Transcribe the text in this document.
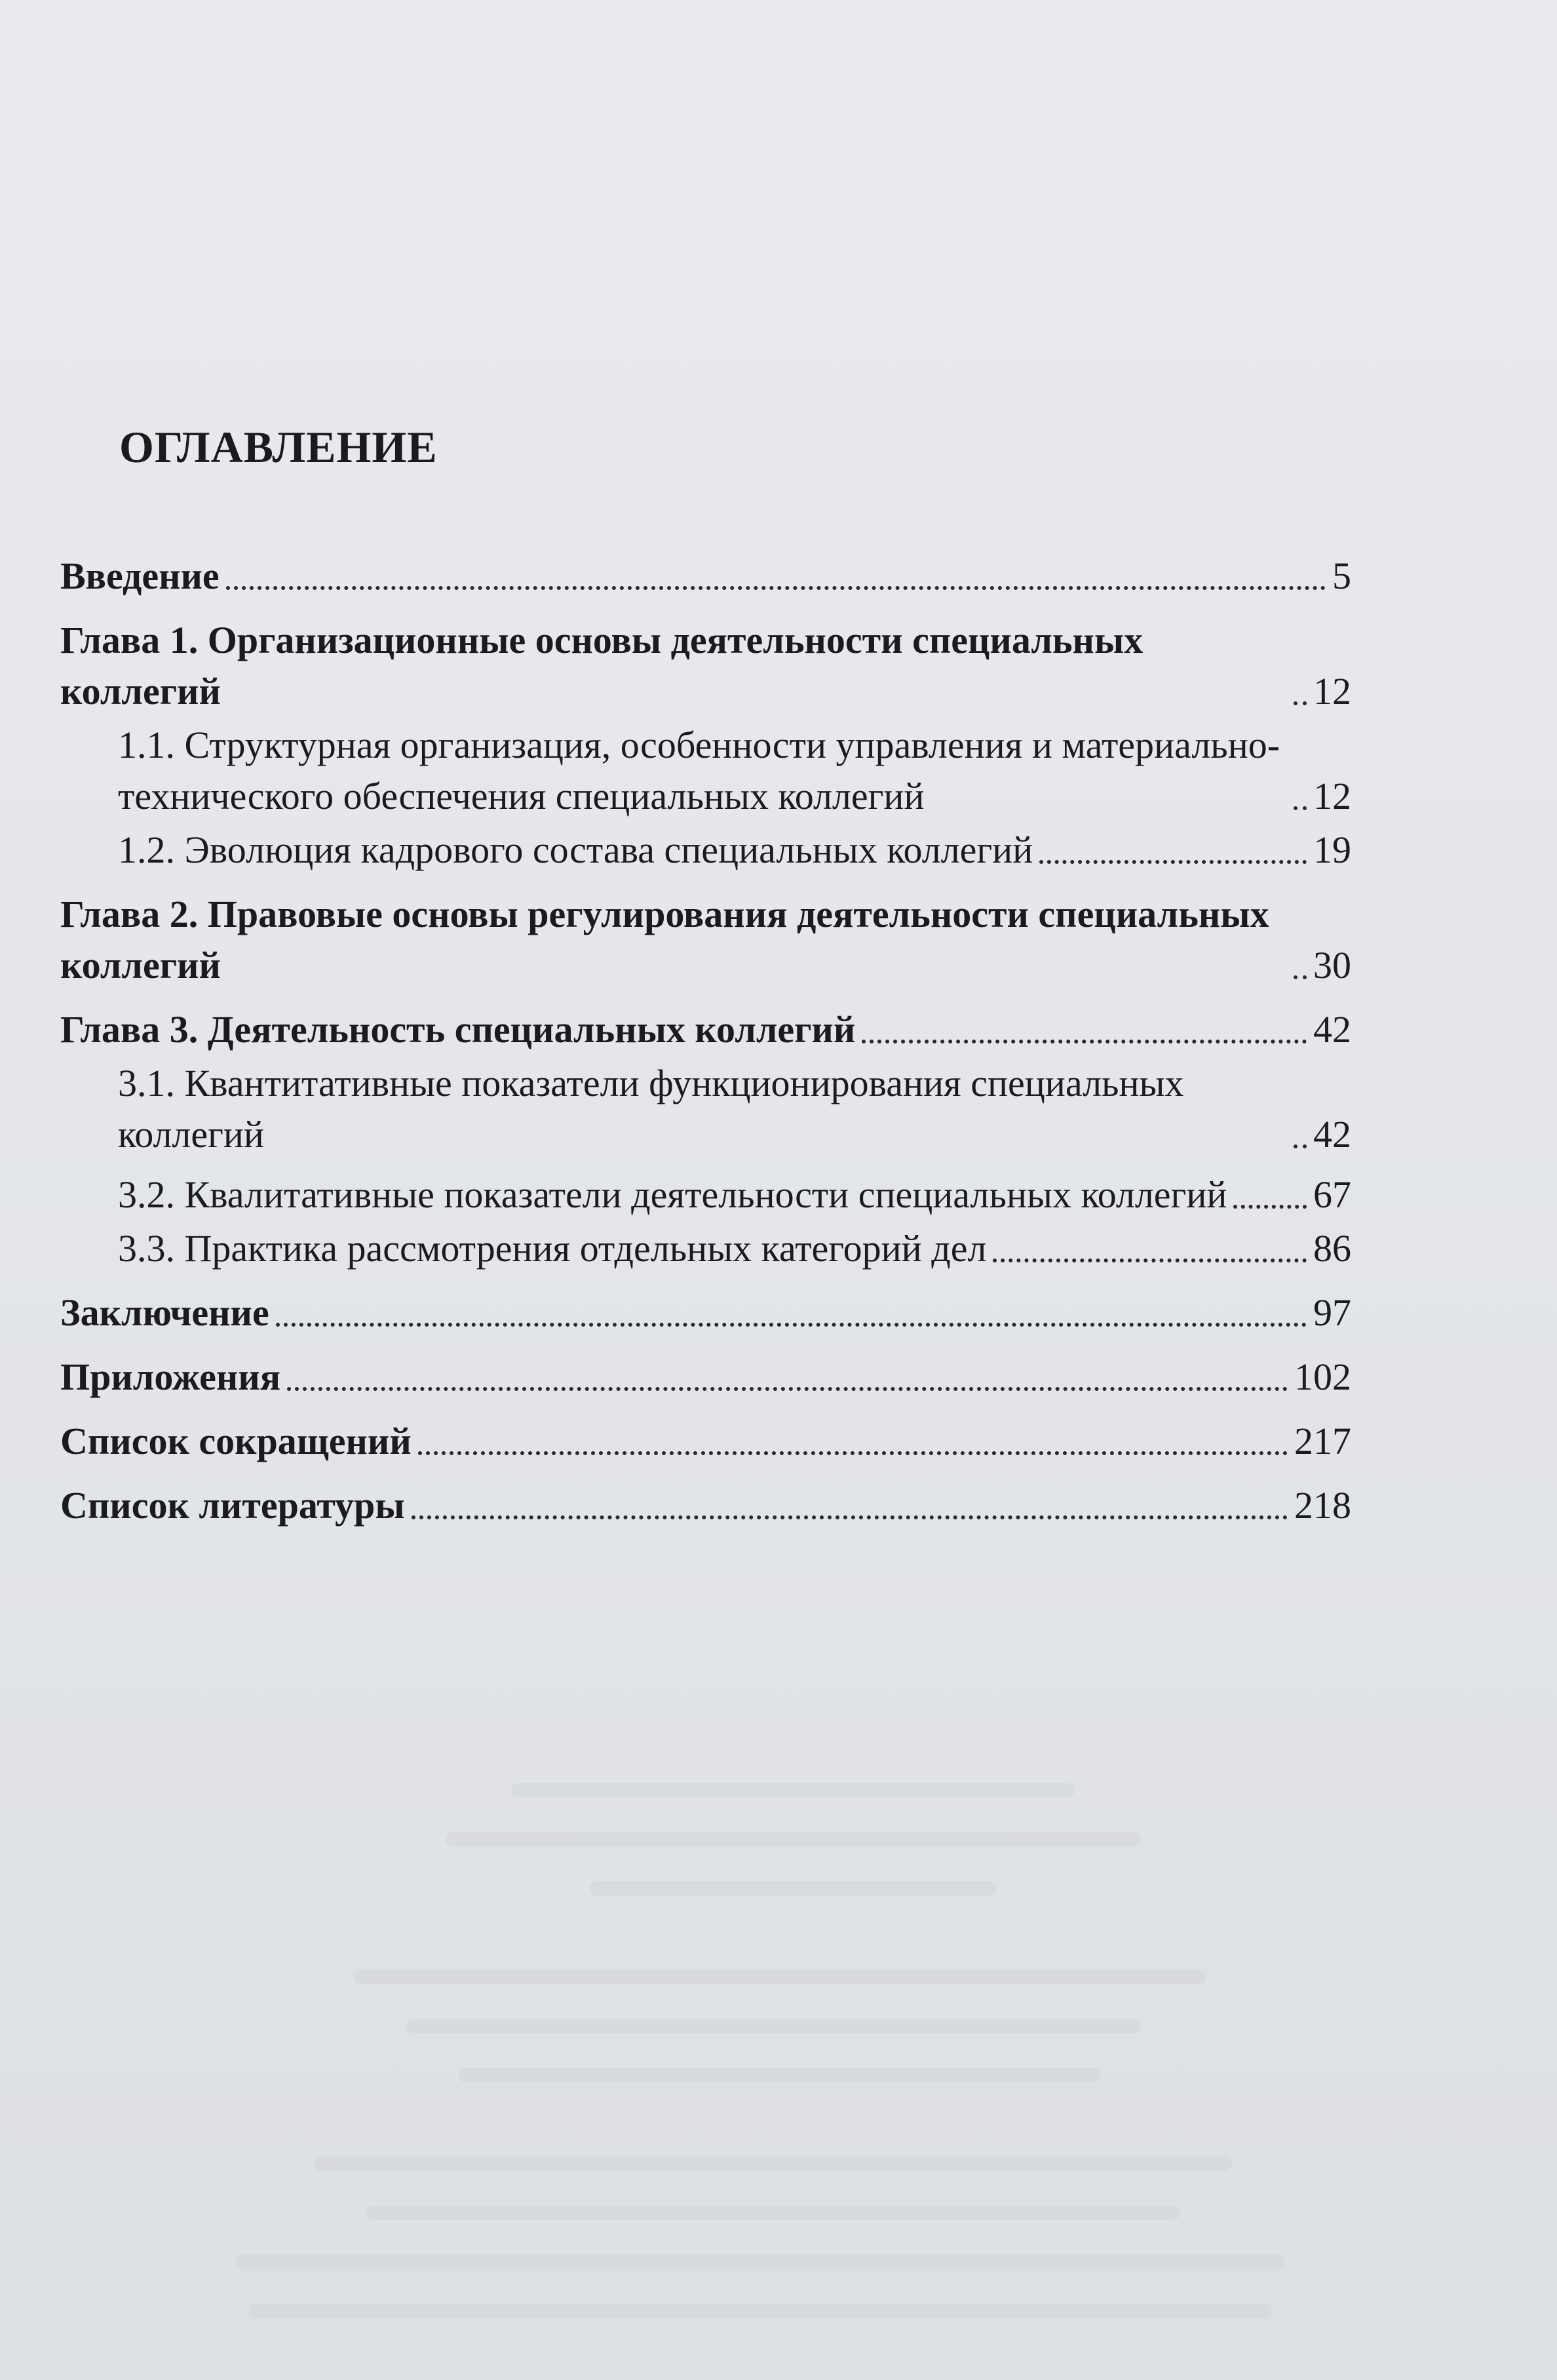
ОГЛАВЛЕНИЕ
Введение	5
Глава 1. Организационные основы деятельности специальных коллегий	12
1.1. Структурная организация, особенности управления и материально-технического обеспечения специальных коллегий	12
1.2. Эволюция кадрового состава специальных коллегий	19
Глава 2. Правовые основы регулирования деятельности специальных коллегий	30
Глава 3. Деятельность специальных коллегий	42
3.1. Квантитативные показатели функционирования специальных коллегий	42
3.2. Квалитативные показатели деятельности специальных коллегий 67
3.3. Практика рассмотрения отдельных категорий дел	86
Заключение	97
Приложения	102
Список сокращений	217
Список литературы	218
